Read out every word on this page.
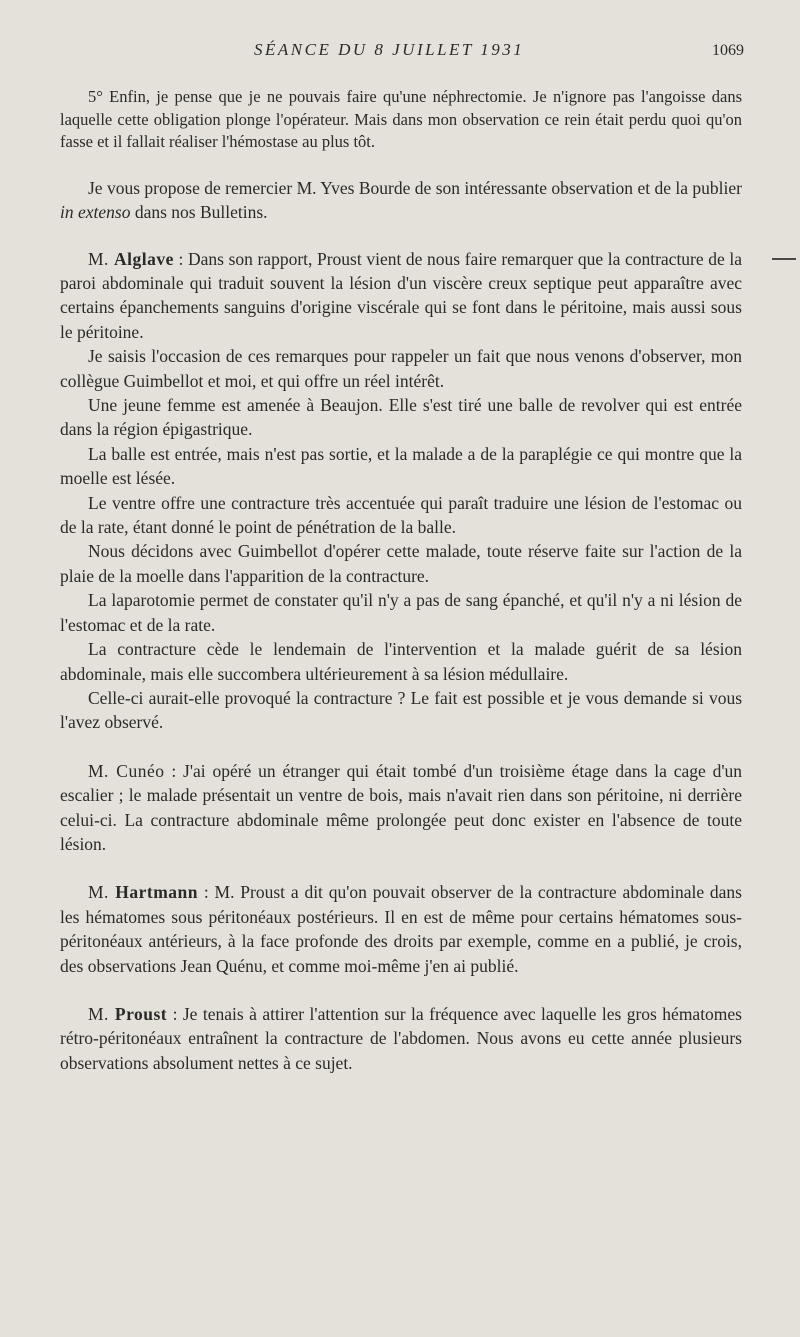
SÉANCE DU 8 JUILLET 1931	1069

5° Enfin, je pense que je ne pouvais faire qu'une néphrectomie. Je n'ignore pas l'angoisse dans laquelle cette obligation plonge l'opérateur. Mais dans mon observation ce rein était perdu quoi qu'on fasse et il fallait réaliser l'hémostase au plus tôt.

Je vous propose de remercier M. Yves Bourde de son intéressante observation et de la publier in extenso dans nos Bulletins.

M. Alglave : Dans son rapport, Proust vient de nous faire remarquer que la contracture de la paroi abdominale qui traduit souvent la lésion d'un viscère creux septique peut apparaître avec certains épanchements sanguins d'origine viscérale qui se font dans le péritoine, mais aussi sous le péritoine.

Je saisis l'occasion de ces remarques pour rappeler un fait que nous venons d'observer, mon collègue Guimbellot et moi, et qui offre un réel intérêt.

Une jeune femme est amenée à Beaujon. Elle s'est tiré une balle de revolver qui est entrée dans la région épigastrique.

La balle est entrée, mais n'est pas sortie, et la malade a de la paraplégie ce qui montre que la moelle est lésée.

Le ventre offre une contracture très accentuée qui paraît traduire une lésion de l'estomac ou de la rate, étant donné le point de pénétration de la balle.

Nous décidons avec Guimbellot d'opérer cette malade, toute réserve faite sur l'action de la plaie de la moelle dans l'apparition de la contracture.

La laparotomie permet de constater qu'il n'y a pas de sang épanché, et qu'il n'y a ni lésion de l'estomac et de la rate.

La contracture cède le lendemain de l'intervention et la malade guérit de sa lésion abdominale, mais elle succombera ultérieurement à sa lésion médullaire.

Celle-ci aurait-elle provoqué la contracture ? Le fait est possible et je vous demande si vous l'avez observé.

M. Cunéo : J'ai opéré un étranger qui était tombé d'un troisième étage dans la cage d'un escalier ; le malade présentait un ventre de bois, mais n'avait rien dans son péritoine, ni derrière celui-ci. La contracture abdominale même prolongée peut donc exister en l'absence de toute lésion.

M. Hartmann : M. Proust a dit qu'on pouvait observer de la contracture abdominale dans les hématomes sous péritonéaux postérieurs. Il en est de même pour certains hématomes sous-péritonéaux antérieurs, à la face profonde des droits par exemple, comme en a publié, je crois, des observations Jean Quénu, et comme moi-même j'en ai publié.

M. Proust : Je tenais à attirer l'attention sur la fréquence avec laquelle les gros hématomes rétro-péritonéaux entraînent la contracture de l'abdomen. Nous avons eu cette année plusieurs observations absolument nettes à ce sujet.
